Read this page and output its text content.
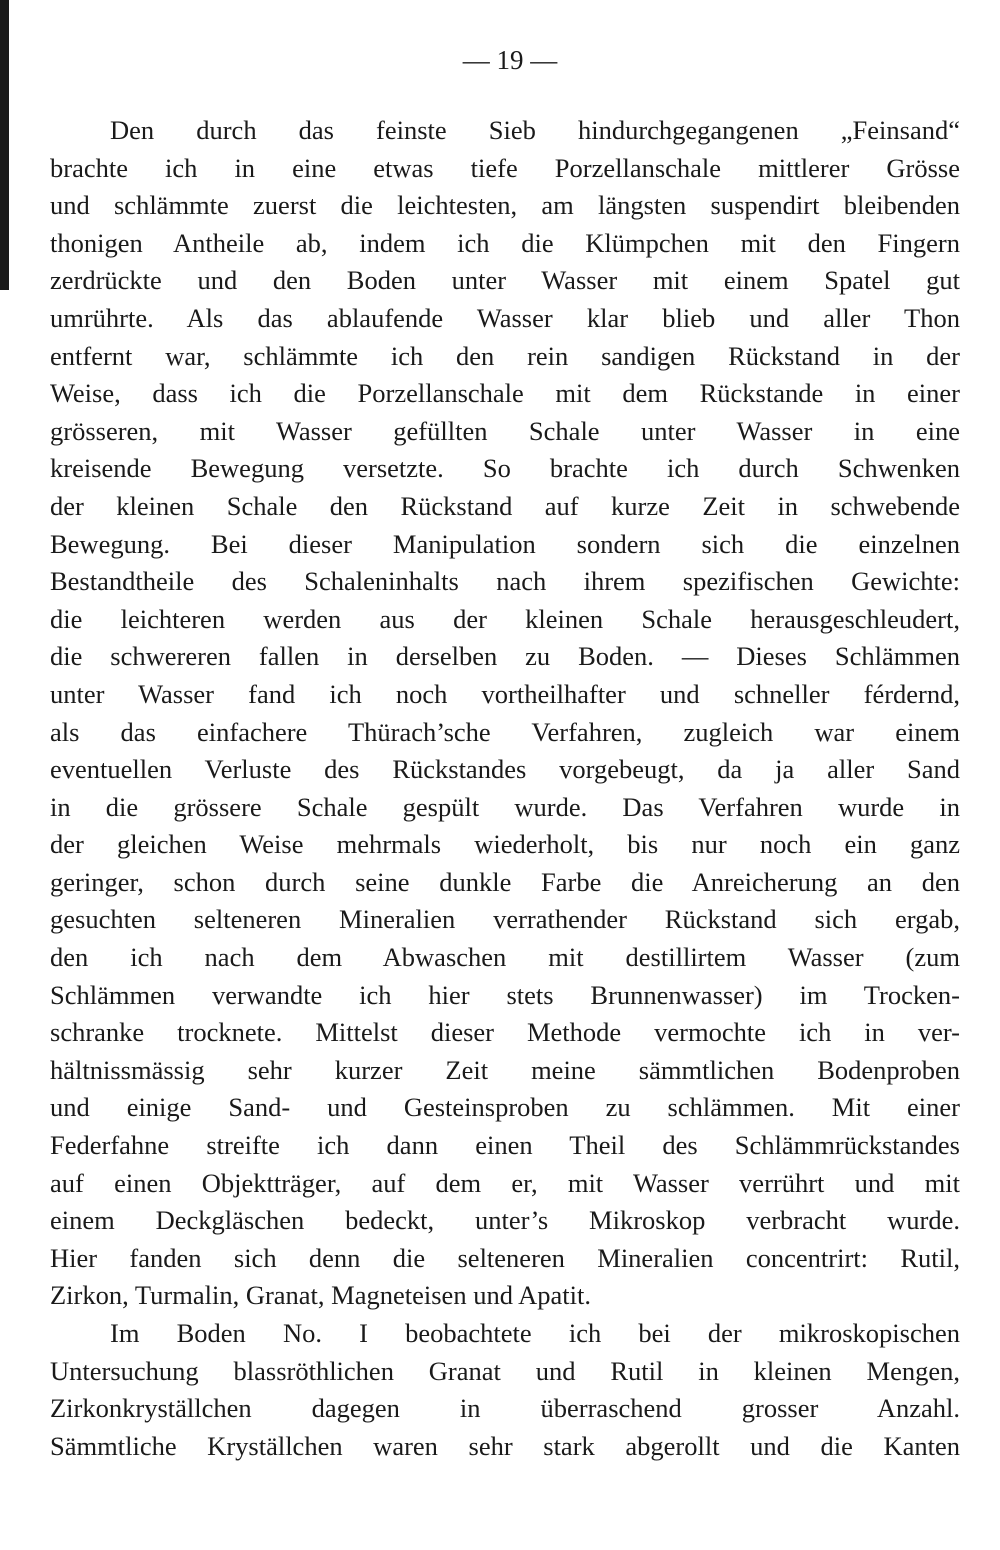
— 19 —

Den durch das feinste Sieb hindurchgegangenen „Feinsand“
brachte ich in eine etwas tiefe Porzellanschale mittlerer Grösse
und schlämmte zuerst die leichtesten, am längsten suspendirt bleibenden
thonigen Antheile ab, indem ich die Klümpchen mit den Fingern
zerdrückte und den Boden unter Wasser mit einem Spatel gut
umrührte. Als das ablaufende Wasser klar blieb und aller Thon
entfernt war, schlämmte ich den rein sandigen Rückstand in der
Weise, dass ich die Porzellanschale mit dem Rückstande in einer
grösseren, mit Wasser gefüllten Schale unter Wasser in eine
kreisende Bewegung versetzte. So brachte ich durch Schwenken
der kleinen Schale den Rückstand auf kurze Zeit in schwebende
Bewegung. Bei dieser Manipulation sondern sich die einzelnen
Bestandtheile des Schaleninhalts nach ihrem spezifischen Gewichte:
die leichteren werden aus der kleinen Schale herausgeschleudert,
die schwereren fallen in derselben zu Boden. — Dieses Schlämmen
unter Wasser fand ich noch vortheilhafter und schneller férdernd,
als das einfachere Thürach’sche Verfahren, zugleich war einem
eventuellen Verluste des Rückstandes vorgebeugt, da ja aller Sand
in die grössere Schale gespült wurde. Das Verfahren wurde in
der gleichen Weise mehrmals wiederholt, bis nur noch ein ganz
geringer, schon durch seine dunkle Farbe die Anreicherung an den
gesuchten selteneren Mineralien verrathender Rückstand sich ergab,
den ich nach dem Abwaschen mit destillirtem Wasser (zum
Schlämmen verwandte ich hier stets Brunnenwasser) im Trocken-
schranke trocknete. Mittelst dieser Methode vermochte ich in ver-
hältnissmässig sehr kurzer Zeit meine sämmtlichen Bodenproben
und einige Sand- und Gesteinsproben zu schlämmen. Mit einer
Federfahne streifte ich dann einen Theil des Schlämmrückstandes
auf einen Objektträger, auf dem er, mit Wasser verrührt und mit
einem Deckgläschen bedeckt, unter’s Mikroskop verbracht wurde.
Hier fanden sich denn die selteneren Mineralien concentrirt: Rutil,
Zirkon, Turmalin, Granat, Magneteisen und Apatit.

Im Boden No. I beobachtete ich bei der mikroskopischen
Untersuchung blassröthlichen Granat und Rutil in kleinen Mengen,
Zirkonkryställchen dagegen in überraschend grosser Anzahl.
Sämmtliche Kryställchen waren sehr stark abgerollt und die Kanten
